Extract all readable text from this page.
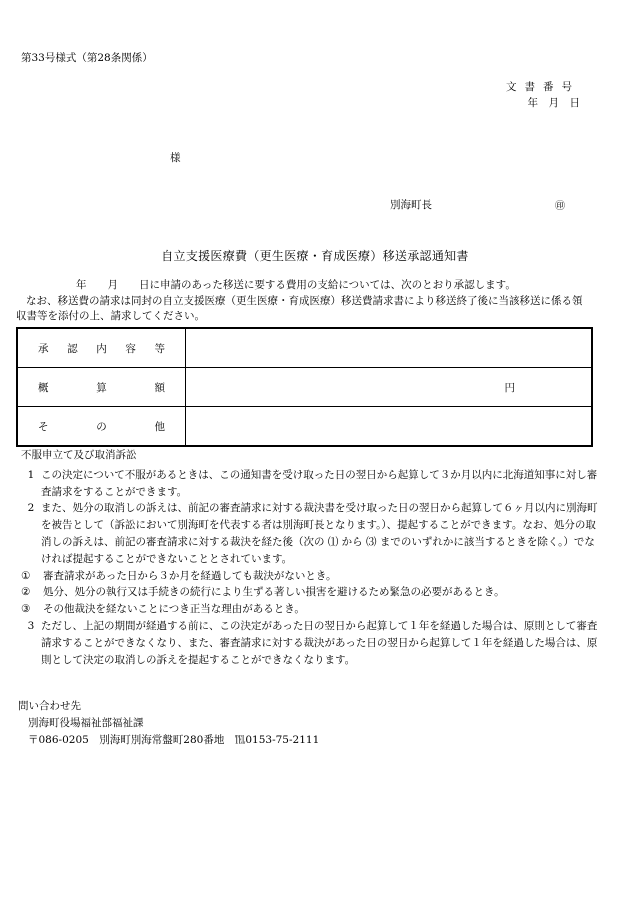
第33号様式（第28条関係）
文書番号
年　月　日
様
別海町長	㊞
自立支援医療費（更生医療・育成医療）移送承認通知書

年　　月　　日に申請のあった移送に要する費用の支給については、次のとおり承認します。

なお、移送費の請求は同封の自立支援医療（更生医療・育成医療）移送費請求書により移送終了後に当該移送に係る領収書等を添付の上、請求してください。

承認内容等	

概算額	円

その他	

不服申立て及び取消訴訟

1 この決定について不服があるときは、この通知書を受け取った日の翌日から起算して３か月以内に北海道知事に対し審査請求をすることができます。
2 また、処分の取消しの訴えは、前記の審査請求に対する裁決書を受け取った日の翌日から起算して６ヶ月以内に別海町を被告として（訴訟において別海町を代表する者は別海町長となります。）、提起することができます。なお、処分の取消しの訴えは、前記の審査請求に対する裁決を経た後（次の ⑴ から ⑶ までのいずれかに該当するときを除く。）でなければ提起することができないこととされています。
①	審査請求があった日から３か月を経過しても裁決がないとき。
②	処分、処分の執行又は手続きの続行により生ずる著しい損害を避けるため緊急の必要があるとき。
③	その他裁決を経ないことにつき正当な理由があるとき。
3 ただし、上記の期間が経過する前に、この決定があった日の翌日から起算して１年を経過した場合は、原則として審査請求することができなくなり、また、審査請求に対する裁決があった日の翌日から起算して１年を経過した場合は、原則として決定の取消しの訴えを提起することができなくなります。
問い合わせ先
別海町役場福祉部福祉課
〒086-0205　別海町別海常盤町280番地　℡0153-75-2111
